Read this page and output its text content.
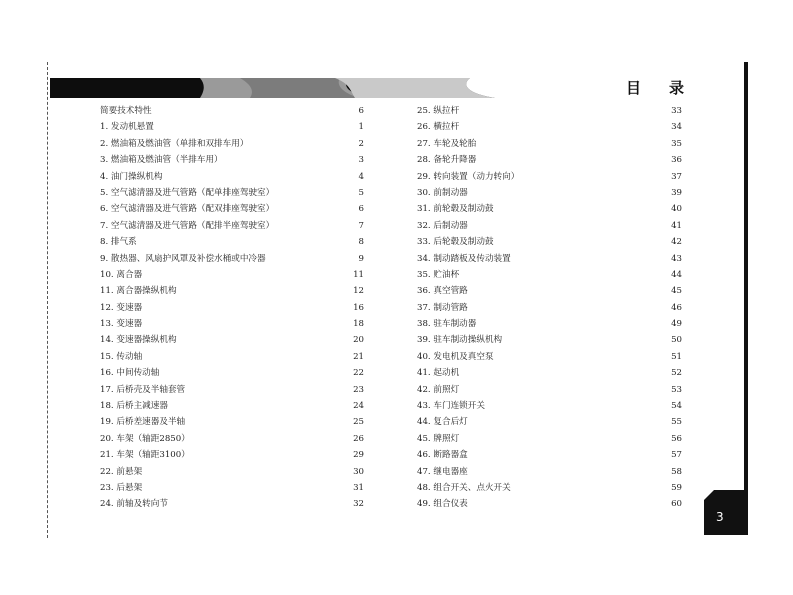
目录
3
简要技术特性	6
1. 发动机悬置	1
2. 燃油箱及燃油管（单排和双排车用）	2
3. 燃油箱及燃油管（半排车用）	3
4. 油门操纵机构	4
5. 空气滤清器及进气管路（配单排座驾驶室）	5
6. 空气滤清器及进气管路（配双排座驾驶室）	6
7. 空气滤清器及进气管路（配排半座驾驶室）	7
8. 排气系	8
9. 散热器、风扇护风罩及补偿水桶或中冷器	9
10. 离合器	11
11. 离合器操纵机构	12
12. 变速器	16
13. 变速器	18
14. 变速器操纵机构	20
15. 传动轴	21
16. 中间传动轴	22
17. 后桥壳及半轴套管	23
18. 后桥主减速器	24
19. 后桥差速器及半轴	25
20. 车架（轴距2850）	26
21. 车架（轴距3100）	29
22. 前悬架	30
23. 后悬架	31
24. 前轴及转向节	32
25. 纵拉杆	33
26. 横拉杆	34
27. 车轮及轮胎	35
28. 备轮升降器	36
29. 转向装置（动力转向）	37
30. 前制动器	39
31. 前轮毂及制动鼓	40
32. 后制动器	41
33. 后轮毂及制动鼓	42
34. 制动踏板及传动装置	43
35. 贮油杯	44
36. 真空管路	45
37. 制动管路	46
38. 驻车制动器	49
39. 驻车制动操纵机构	50
40. 发电机及真空泵	51
41. 起动机	52
42. 前照灯	53
43. 车门连锁开关	54
44. 复合后灯	55
45. 牌照灯	56
46. 断路器盒	57
47. 继电器座	58
48. 组合开关、点火开关	59
49. 组合仪表	60
